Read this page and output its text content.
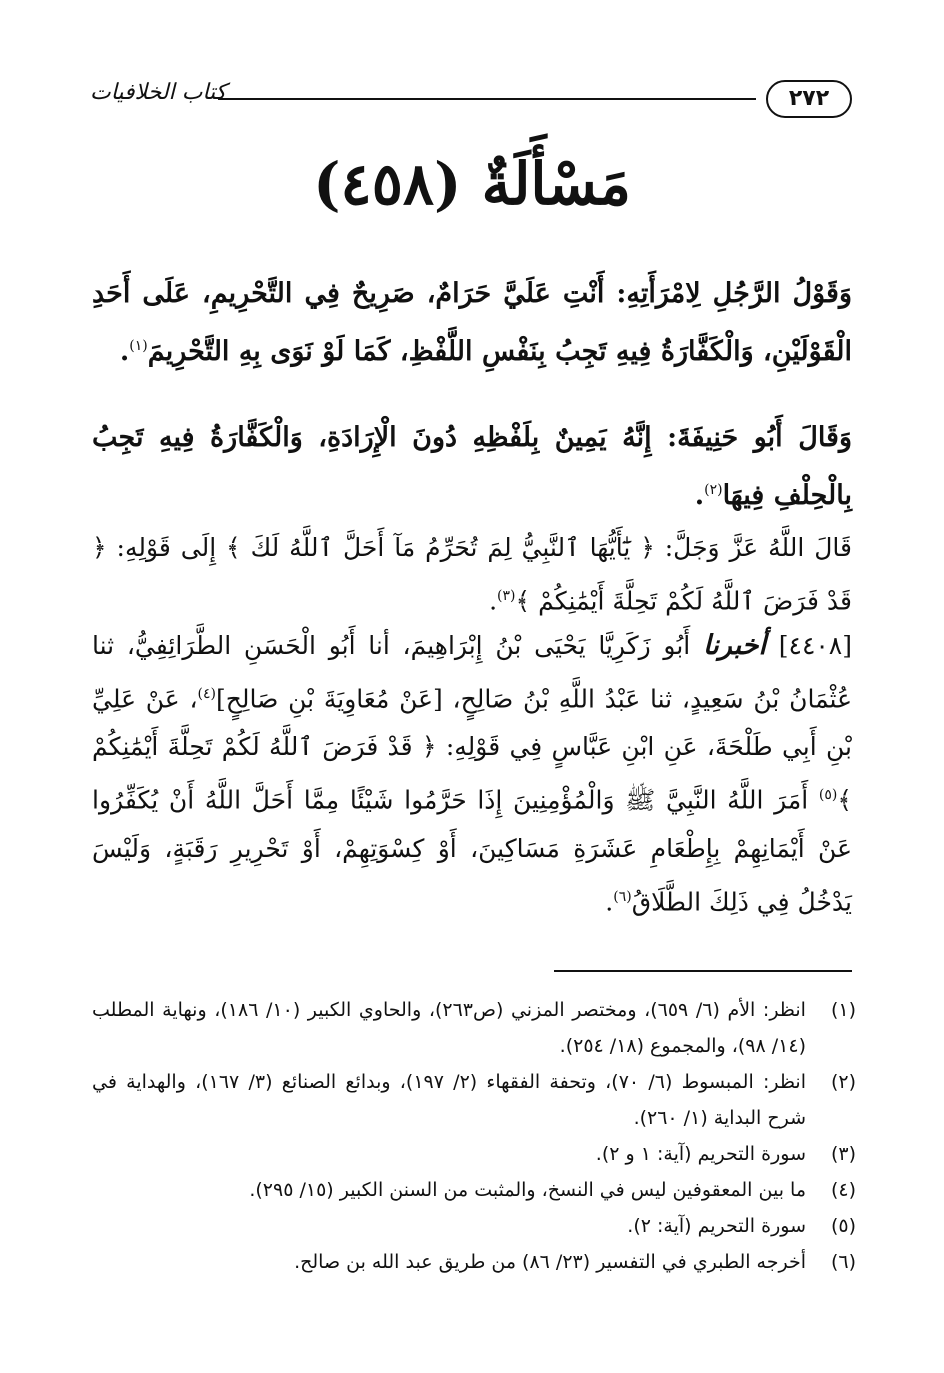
٢٧٢
كتاب الخلافيات
مَسْأَلَةٌ (٤٥٨)
وَقَوْلُ الرَّجُلِ لِامْرَأَتِهِ: أَنْتِ عَلَيَّ حَرَامٌ، صَرِيحٌ فِي التَّحْرِيمِ، عَلَى أَحَدِ الْقَوْلَيْنِ، وَالْكَفَّارَةُ فِيهِ تَجِبُ بِنَفْسِ اللَّفْظِ، كَمَا لَوْ نَوَى بِهِ التَّحْرِيمَ$^{(١)}$.
وَقَالَ أَبُو حَنِيفَةَ: إِنَّهُ يَمِينٌ بِلَفْظِهِ دُونَ الْإِرَادَةِ، وَالْكَفَّارَةُ فِيهِ تَجِبُ بِالْحِلْفِ فِيهَا$^{(٢)}$.
قَالَ اللَّهُ عَزَّ وَجَلَّ: ﴿ يَٰٓأَيُّهَا ٱلنَّبِيُّ لِمَ تُحَرِّمُ مَآ أَحَلَّ ٱللَّهُ لَكَ ﴾ إِلَى قَوْلِهِ: ﴿ قَدْ فَرَضَ ٱللَّهُ لَكُمْ تَحِلَّةَ أَيْمَٰنِكُمْ ﴾$^{(٣)}$.
[٤٤٠٨] أخبرنا أَبُو زَكَرِيَّا يَحْيَى بْنُ إِبْرَاهِيمَ، أنا أَبُو الْحَسَنِ الطَّرَائِفِيُّ، ثنا عُثْمَانُ بْنُ سَعِيدٍ، ثنا عَبْدُ اللَّهِ بْنُ صَالِحٍ، [عَنْ مُعَاوِيَةَ بْنِ صَالِحٍ]$^{(٤)}$، عَنْ عَلِيِّ بْنِ أَبِي طَلْحَةَ، عَنِ ابْنِ عَبَّاسٍ فِي قَوْلِهِ: ﴿ قَدْ فَرَضَ ٱللَّهُ لَكُمْ تَحِلَّةَ أَيْمَٰنِكُمْ ﴾$^{(٥)}$ أَمَرَ اللَّهُ النَّبِيَّ ﷺ وَالْمُؤْمِنِينَ إِذَا حَرَّمُوا شَيْئًا مِمَّا أَحَلَّ اللَّهُ أَنْ يُكَفِّرُوا عَنْ أَيْمَانِهِمْ بِإِطْعَامِ عَشَرَةِ مَسَاكِينَ، أَوْ كِسْوَتِهِمْ، أَوْ تَحْرِيرِ رَقَبَةٍ، وَلَيْسَ يَدْخُلُ فِي ذَلِكَ الطَّلَاقُ$^{(٦)}$.
(١)
انظر: الأم (٦/ ٦٥٩)، ومختصر المزني (ص٢٦٣)، والحاوي الكبير (١٠/ ١٨٦)، ونهاية المطلب (١٤/ ٩٨)، والمجموع (١٨/ ٢٥٤).
(٢)
انظر: المبسوط (٦/ ٧٠)، وتحفة الفقهاء (٢/ ١٩٧)، وبدائع الصنائع (٣/ ١٦٧)، والهداية في شرح البداية (١/ ٢٦٠).
(٣)
سورة التحريم (آية: ١ و ٢).
(٤)
ما بين المعقوفين ليس في النسخ، والمثبت من السنن الكبير (١٥/ ٢٩٥).
(٥)
سورة التحريم (آية: ٢).
(٦)
أخرجه الطبري في التفسير (٢٣/ ٨٦) من طريق عبد الله بن صالح.
